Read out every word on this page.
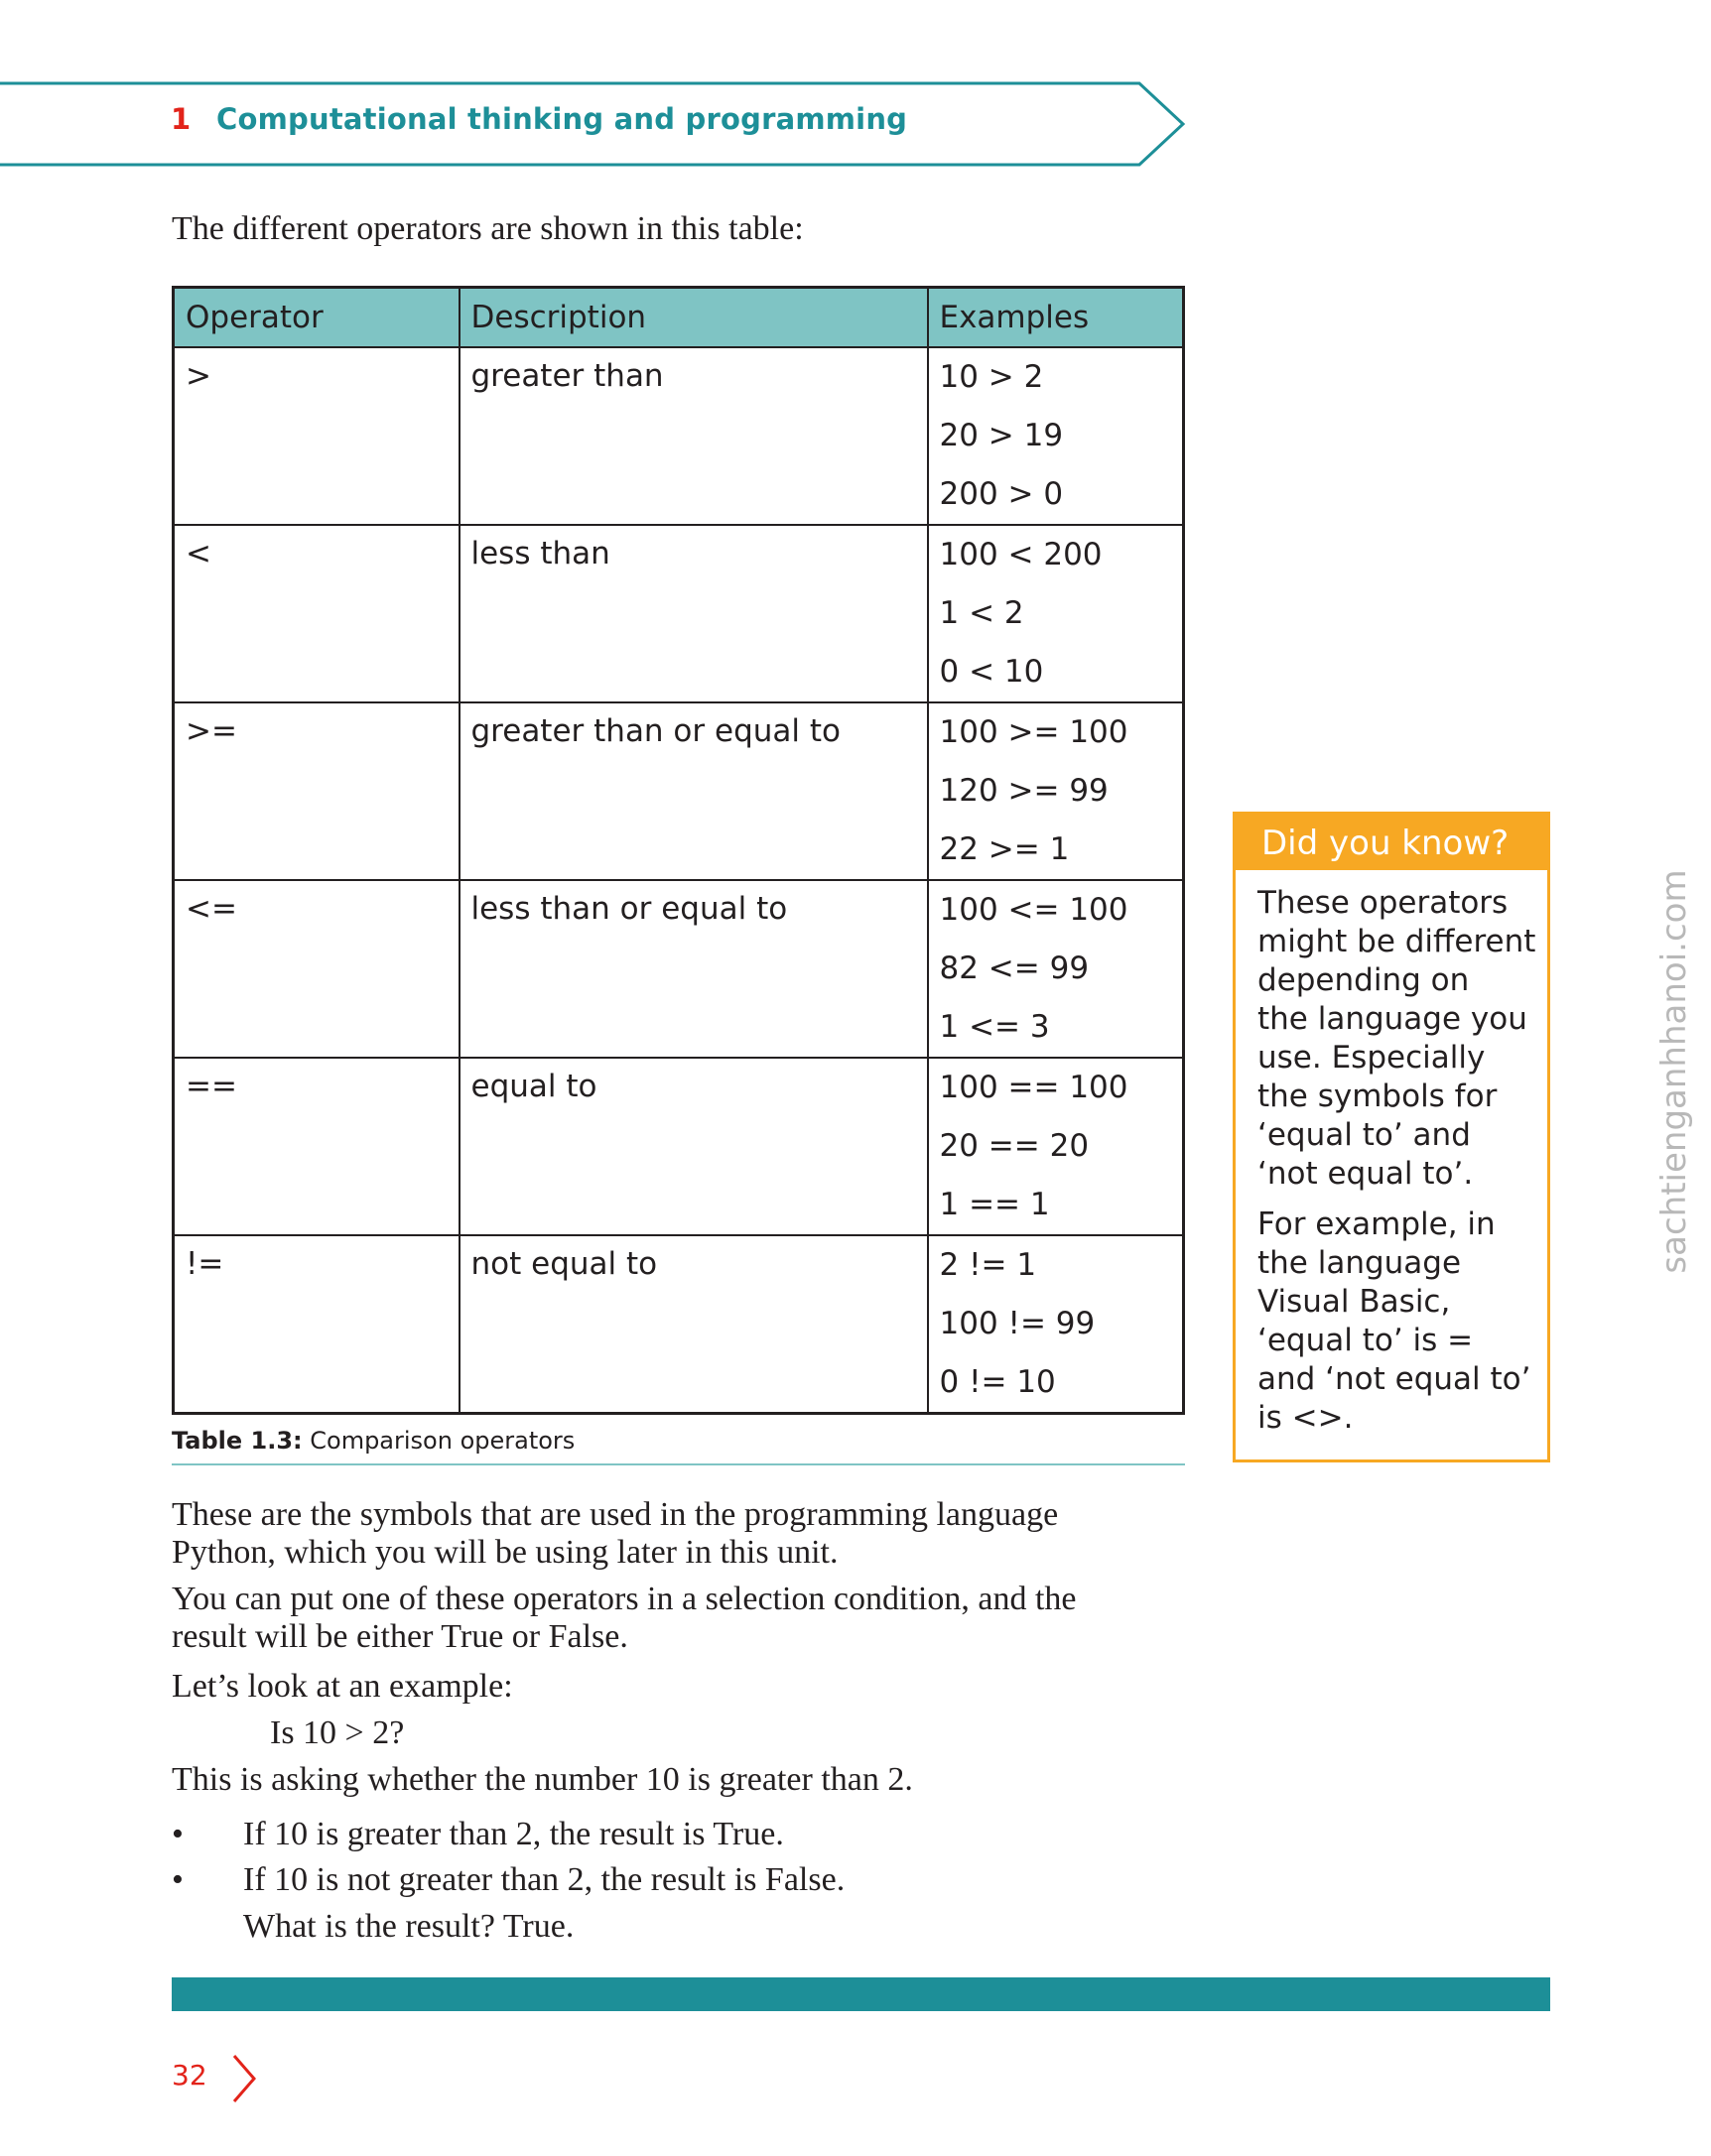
1 Computational thinking and programming
The different operators are shown in this table:
Operator	Description	Examples
>	greater than	10 > 2
20 > 19
200 > 0

<	less than	100 < 200
1 < 2
0 < 10

>=	greater than or equal to	100 >= 100
120 >= 99
22 >= 1

<=	less than or equal to	100 <= 100
82 <= 99
1 <= 3

==	equal to	100 == 100
20 == 20
1 == 1

!=	not equal to	2 != 1
100 != 99
0 != 10
Table 1.3: Comparison operators
These are the symbols that are used in the programming language
Python, which you will be using later in this unit.
You can put one of these operators in a selection condition, and the
result will be either True or False.
Let’s look at an example:
Is 10 > 2?
This is asking whether the number 10 is greater than 2.
• If 10 is greater than 2, the result is True.
• If 10 is not greater than 2, the result is False.
What is the result? True.
Did you know?

These operators
might be different
depending on
the language you
use. Especially
the symbols for
‘equal to’ and
‘not equal to’.

For example, in
the language
Visual Basic,
‘equal to’ is =
and ‘not equal to’
is <>.

sachtienganhhanoi.com
32
